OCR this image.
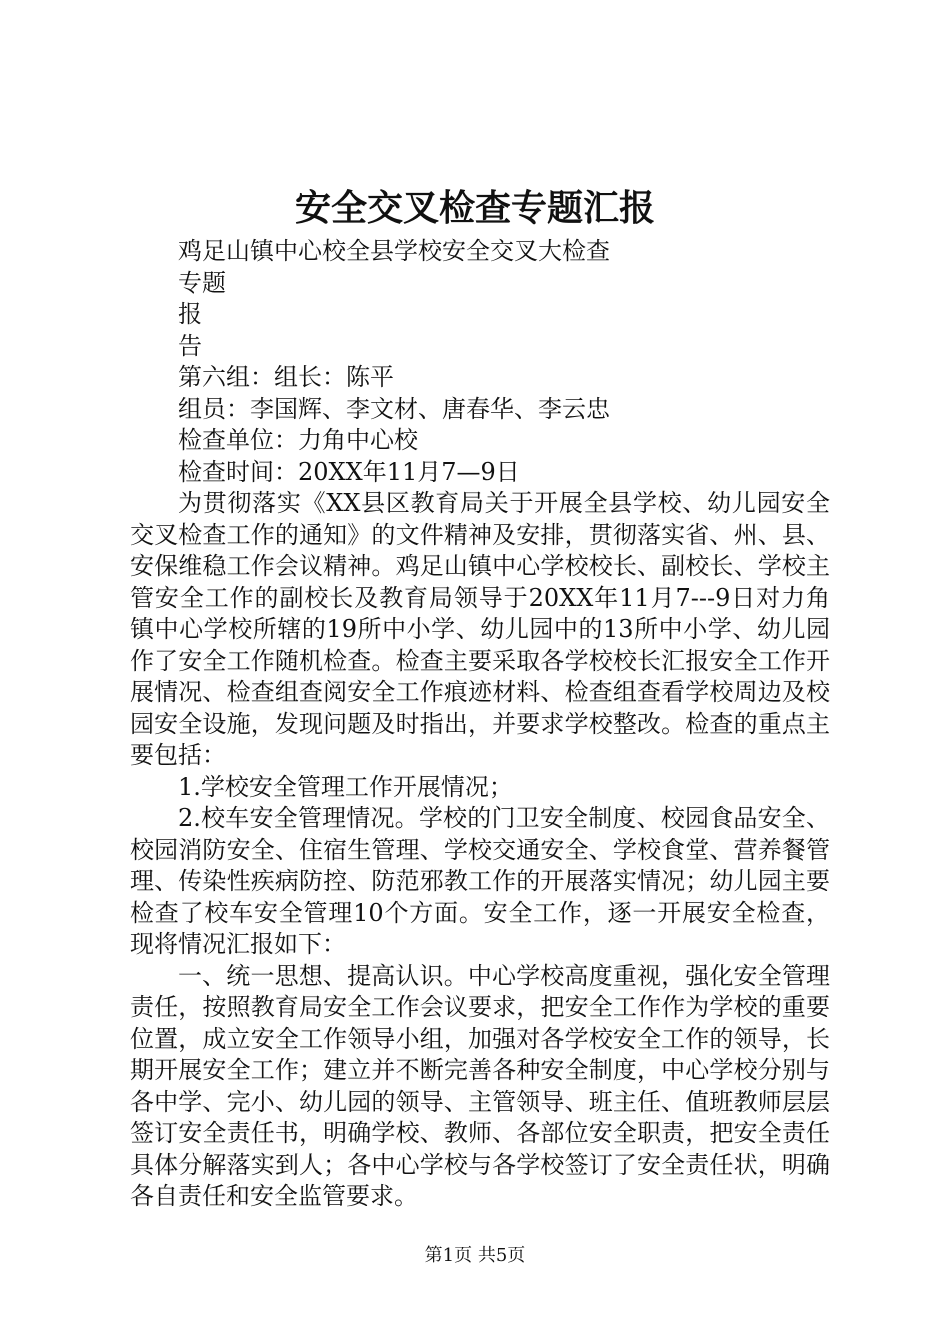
安全交叉检查专题汇报

鸡足山镇中心校全县学校安全交叉大检查

专题

报

告

第六组：组长：陈平

组员：李国辉、李文材、唐春华、李云忠

检查单位：力角中心校

检查时间：20XX年11月7—9日

为贯彻落实《XX县区教育局关于开展全县学校、幼儿园安全交叉检查工作的通知》的文件精神及安排，贯彻落实省、州、县、安保维稳工作会议精神。鸡足山镇中心学校校长、副校长、学校主管安全工作的副校长及教育局领导于20XX年11月7---9日对力角镇中心学校所辖的19所中小学、幼儿园中的13所中小学、幼儿园作了安全工作随机检查。检查主要采取各学校校长汇报安全工作开展情况、检查组查阅安全工作痕迹材料、检查组查看学校周边及校园安全设施，发现问题及时指出，并要求学校整改。检查的重点主要包括：

1.学校安全管理工作开展情况；

2.校车安全管理情况。学校的门卫安全制度、校园食品安全、校园消防安全、住宿生管理、学校交通安全、学校食堂、营养餐管理、传染性疾病防控、防范邪教工作的开展落实情况；幼儿园主要检查了校车安全管理10个方面。安全工作，逐一开展安全检查，现将情况汇报如下：

一、统一思想、提高认识。中心学校高度重视，强化安全管理责任，按照教育局安全工作会议要求，把安全工作作为学校的重要位置，成立安全工作领导小组，加强对各学校安全工作的领导，长期开展安全工作；建立并不断完善各种安全制度，中心学校分别与各中学、完小、幼儿园的领导、主管领导、班主任、值班教师层层签订安全责任书，明确学校、教师、各部位安全职责，把安全责任具体分解落实到人；各中心学校与各学校签订了安全责任状，明确各自责任和安全监管要求。

第1页 共5页
